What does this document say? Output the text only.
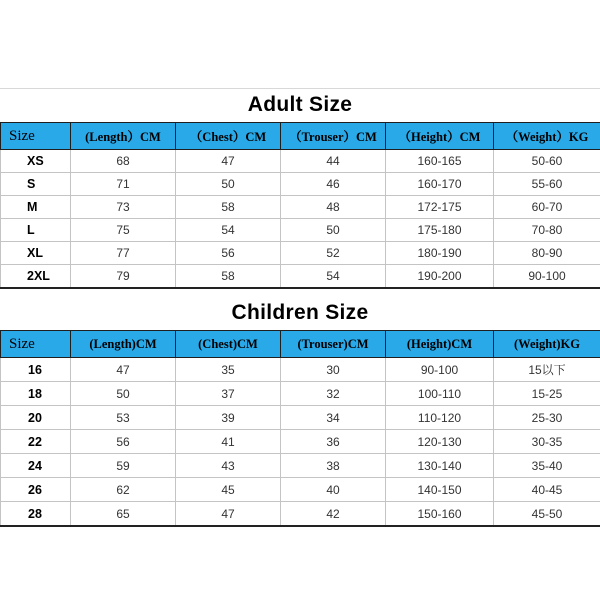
Adult Size
Size	(Length）CM	（Chest）CM	（Trouser）CM	（Height）CM	（Weight）KG
XS	68	47	44	160-165	50-60
S	71	50	46	160-170	55-60
M	73	58	48	172-175	60-70
L	75	54	50	175-180	70-80
XL	77	56	52	180-190	80-90
2XL	79	58	54	190-200	90-100
Children Size
Size	(Length)CM	(Chest)CM	(Trouser)CM	(Height)CM	(Weight)KG
16	47	35	30	90-100	15以下
18	50	37	32	100-110	15-25
20	53	39	34	110-120	25-30
22	56	41	36	120-130	30-35
24	59	43	38	130-140	35-40
26	62	45	40	140-150	40-45
28	65	47	42	150-160	45-50
